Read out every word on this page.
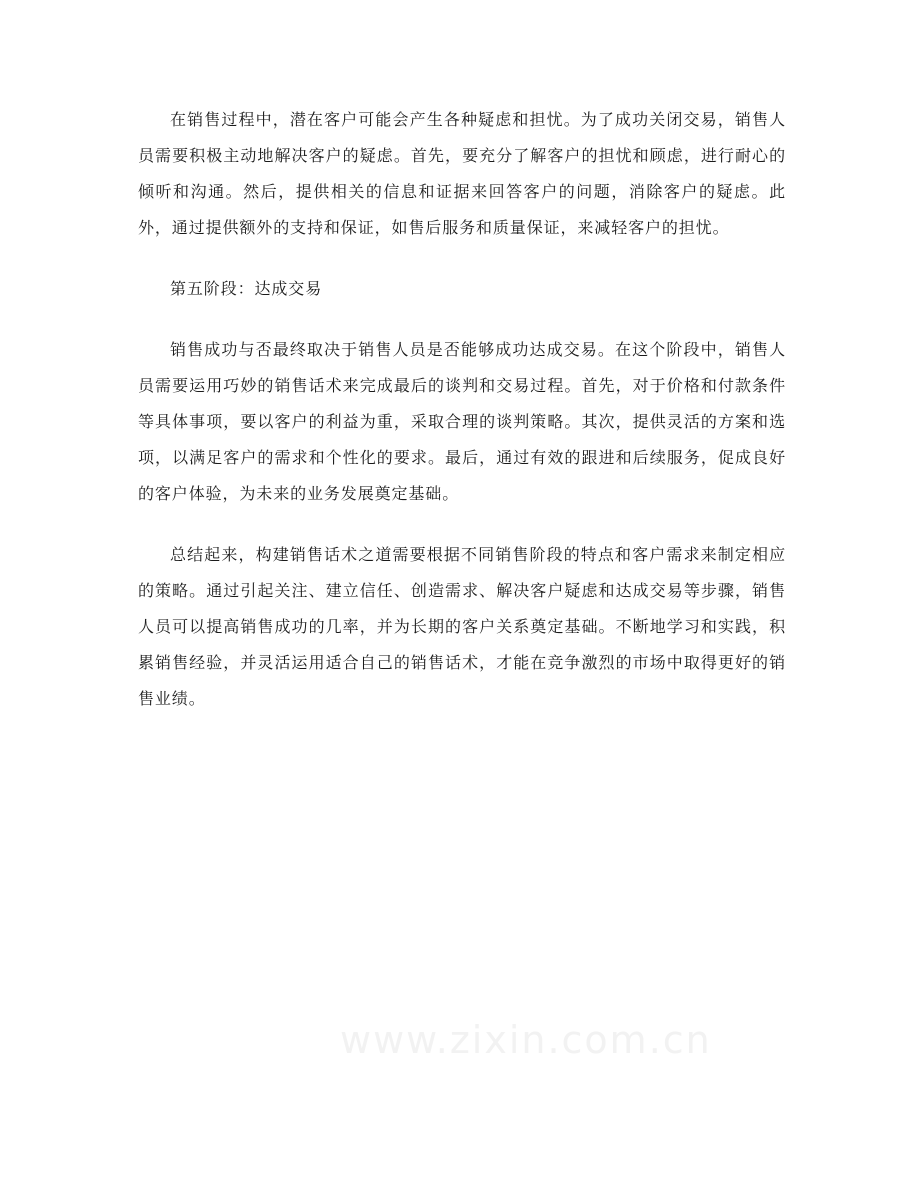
在销售过程中，潜在客户可能会产生各种疑虑和担忧。为了成功关闭交易，销售人员需要积极主动地解决客户的疑虑。首先，要充分了解客户的担忧和顾虑，进行耐心的倾听和沟通。然后，提供相关的信息和证据来回答客户的问题，消除客户的疑虑。此外，通过提供额外的支持和保证，如售后服务和质量保证，来减轻客户的担忧。

第五阶段：达成交易

销售成功与否最终取决于销售人员是否能够成功达成交易。在这个阶段中，销售人员需要运用巧妙的销售话术来完成最后的谈判和交易过程。首先，对于价格和付款条件等具体事项，要以客户的利益为重，采取合理的谈判策略。其次，提供灵活的方案和选项，以满足客户的需求和个性化的要求。最后，通过有效的跟进和后续服务，促成良好的客户体验，为未来的业务发展奠定基础。

总结起来，构建销售话术之道需要根据不同销售阶段的特点和客户需求来制定相应的策略。通过引起关注、建立信任、创造需求、解决客户疑虑和达成交易等步骤，销售人员可以提高销售成功的几率，并为长期的客户关系奠定基础。不断地学习和实践，积累销售经验，并灵活运用适合自己的销售话术，才能在竞争激烈的市场中取得更好的销售业绩。

www.zixin.com.cn
